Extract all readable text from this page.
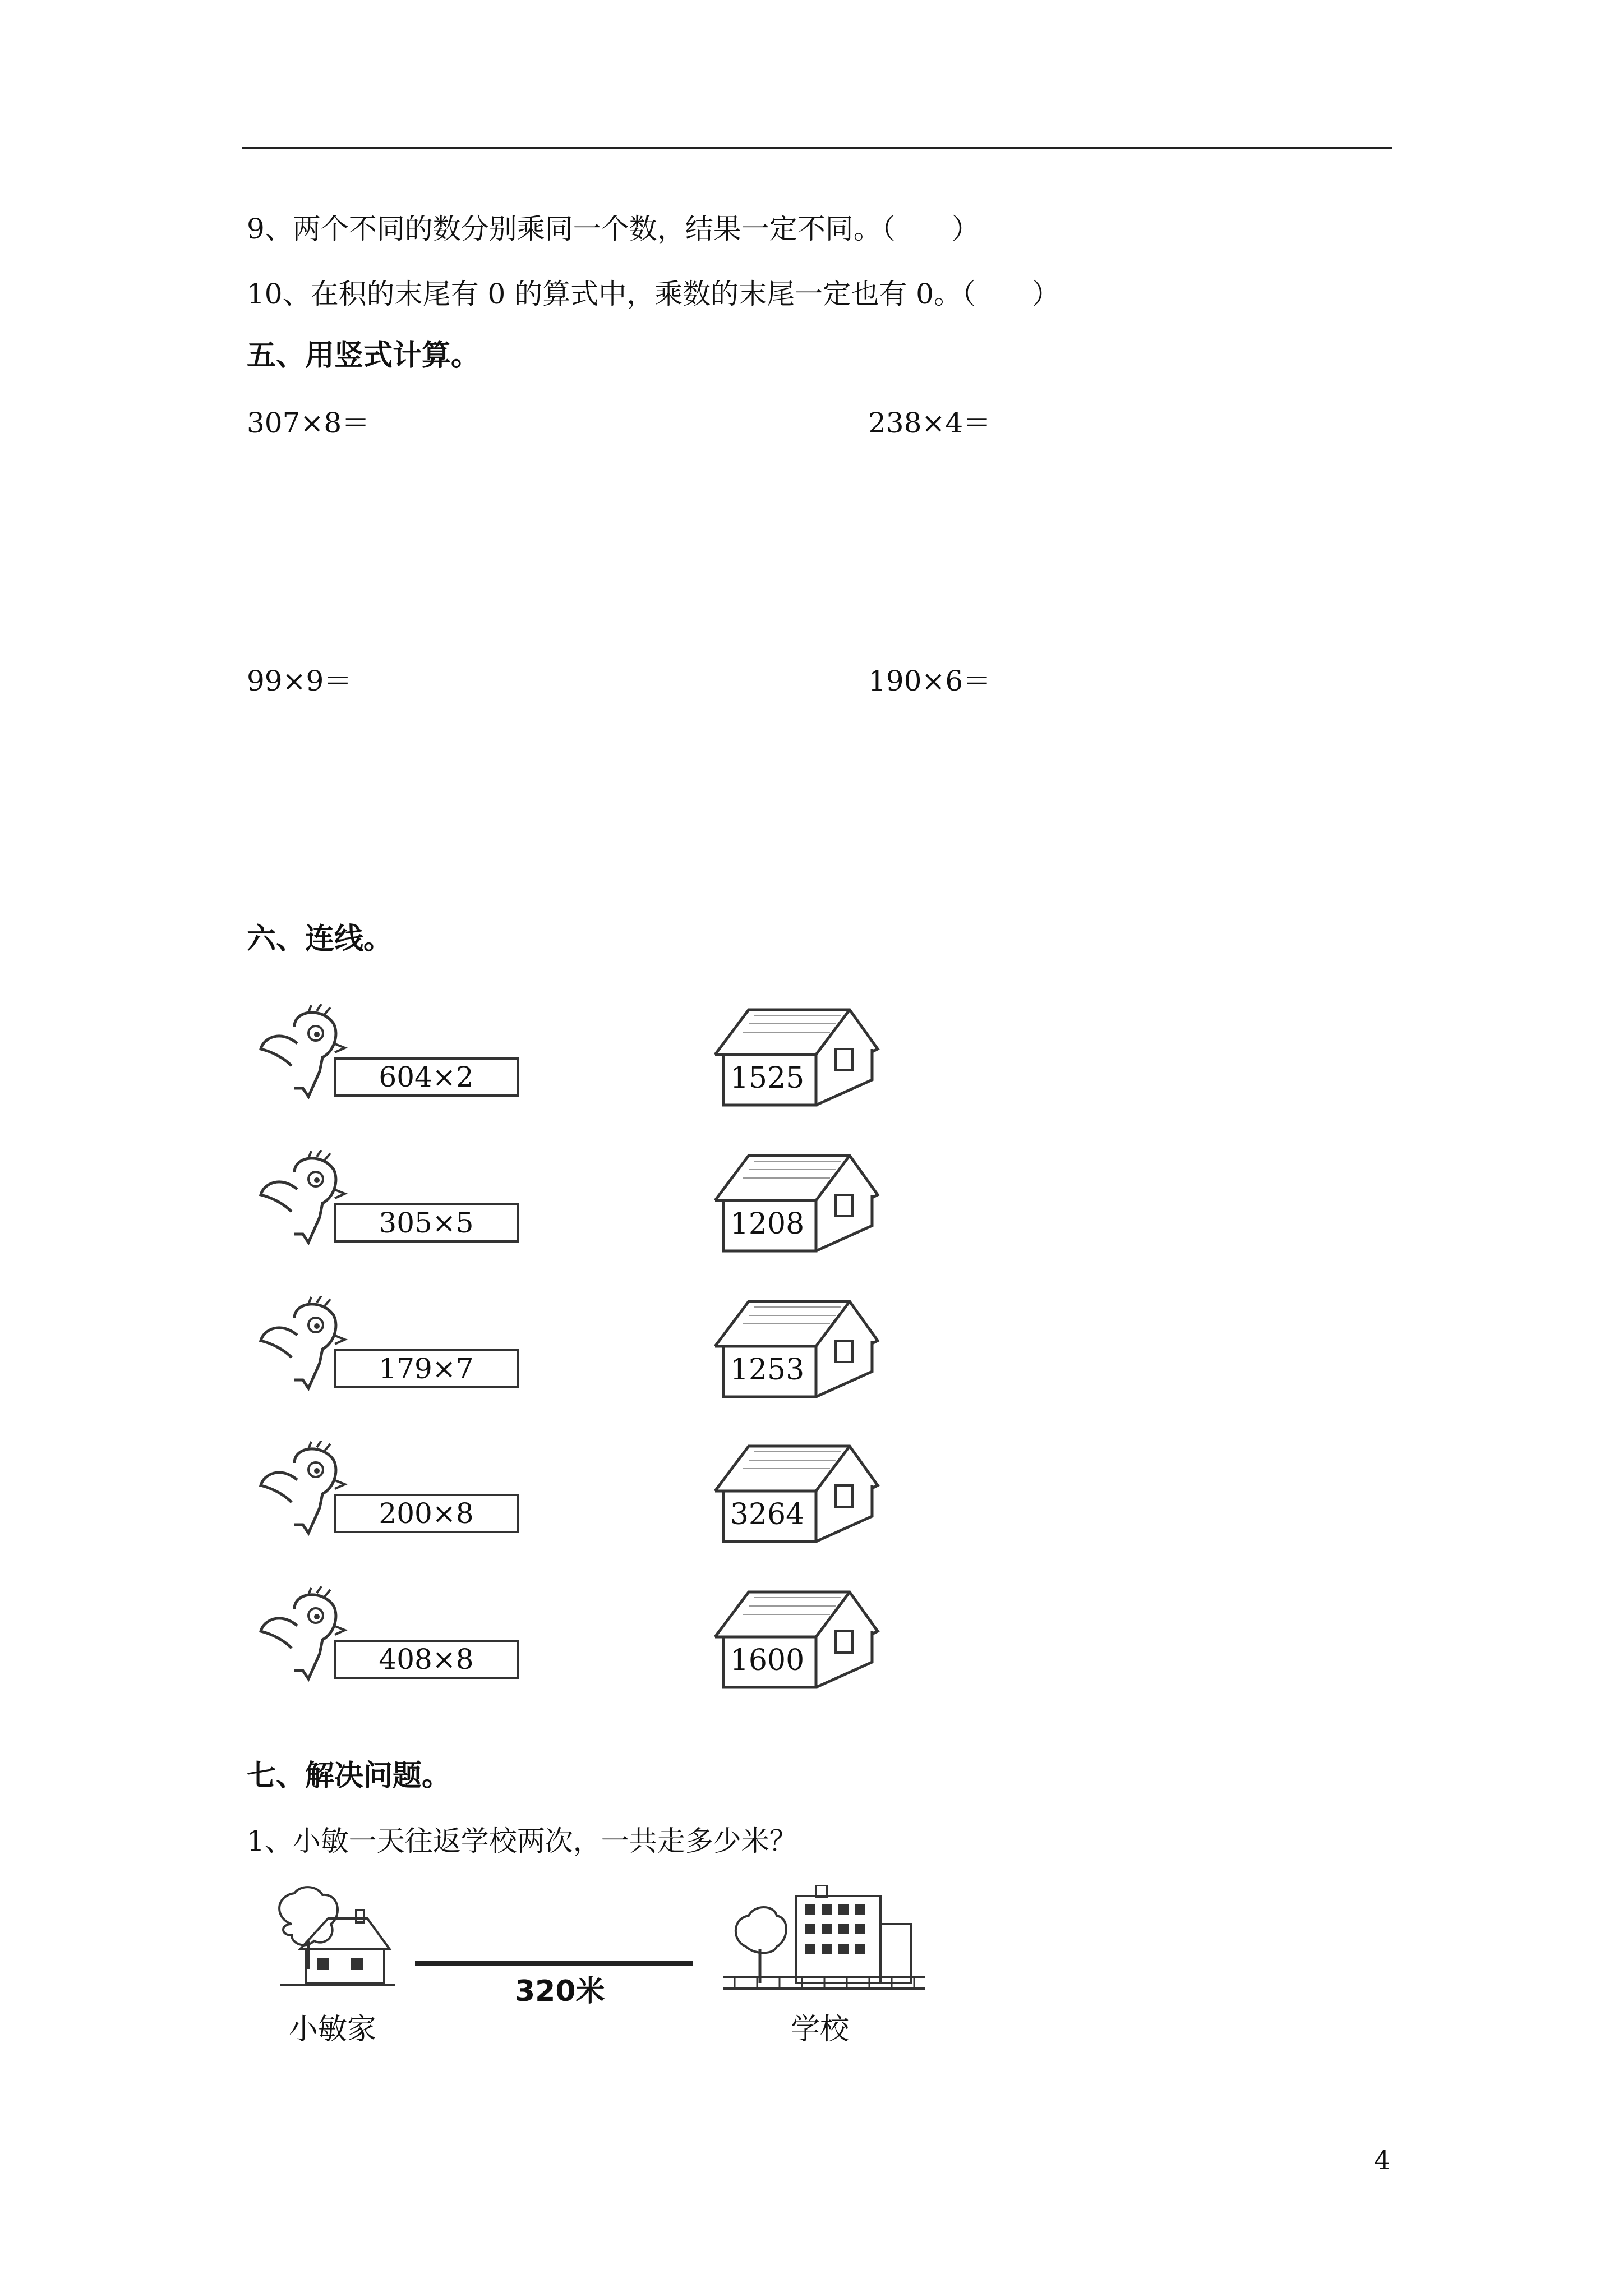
9、两个不同的数分别乘同一个数，结果一定不同。（　　）
10、在积的末尾有 0 的算式中，乘数的末尾一定也有 0。（　　）
五、用竖式计算。
307×8＝	238×4＝
99×9＝	190×6＝
六、连线。
604×2
305×5
179×7
200×8
408×8
1525
1208
1253
3264
1600
七、解决问题。
1、小敏一天往返学校两次，一共走多少米？
小敏家
320米
学校
4
